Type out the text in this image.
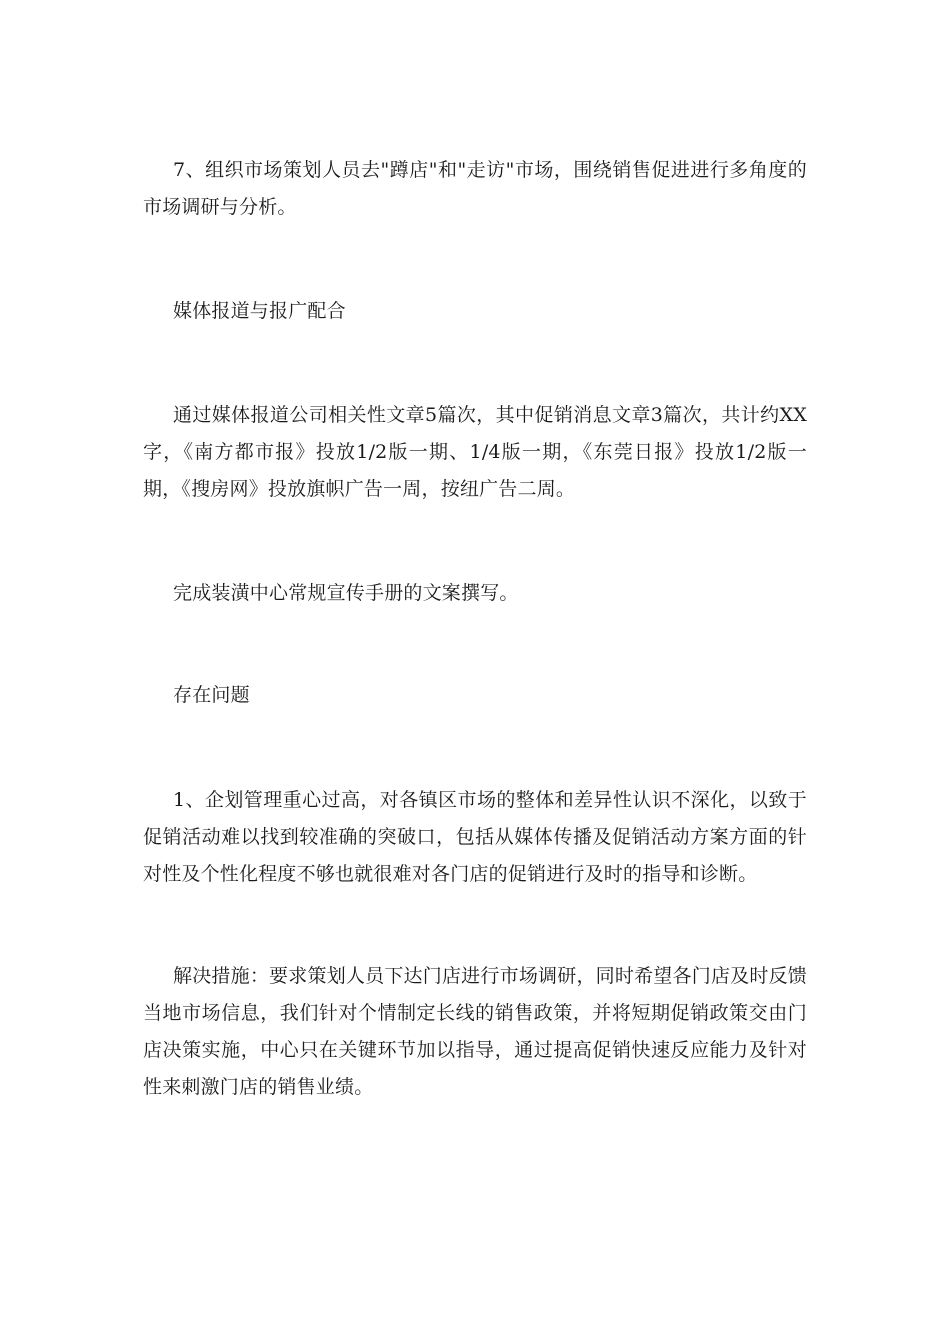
7、组织市场策划人员去"蹲店"和"走访"市场，围绕销售促进进行多角度的市场调研与分析。

媒体报道与报广配合

通过媒体报道公司相关性文章5篇次，其中促销消息文章3篇次，共计约XX字，《南方都市报》投放1/2版一期、1/4版一期，《东莞日报》投放1/2版一期，《搜房网》投放旗帜广告一周，按纽广告二周。

完成装潢中心常规宣传手册的文案撰写。

存在问题

1、企划管理重心过高，对各镇区市场的整体和差异性认识不深化，以致于促销活动难以找到较准确的突破口，包括从媒体传播及促销活动方案方面的针对性及个性化程度不够也就很难对各门店的促销进行及时的指导和诊断。

解决措施：要求策划人员下达门店进行市场调研，同时希望各门店及时反馈当地市场信息，我们针对个情制定长线的销售政策，并将短期促销政策交由门店决策实施，中心只在关键环节加以指导，通过提高促销快速反应能力及针对性来刺激门店的销售业绩。
